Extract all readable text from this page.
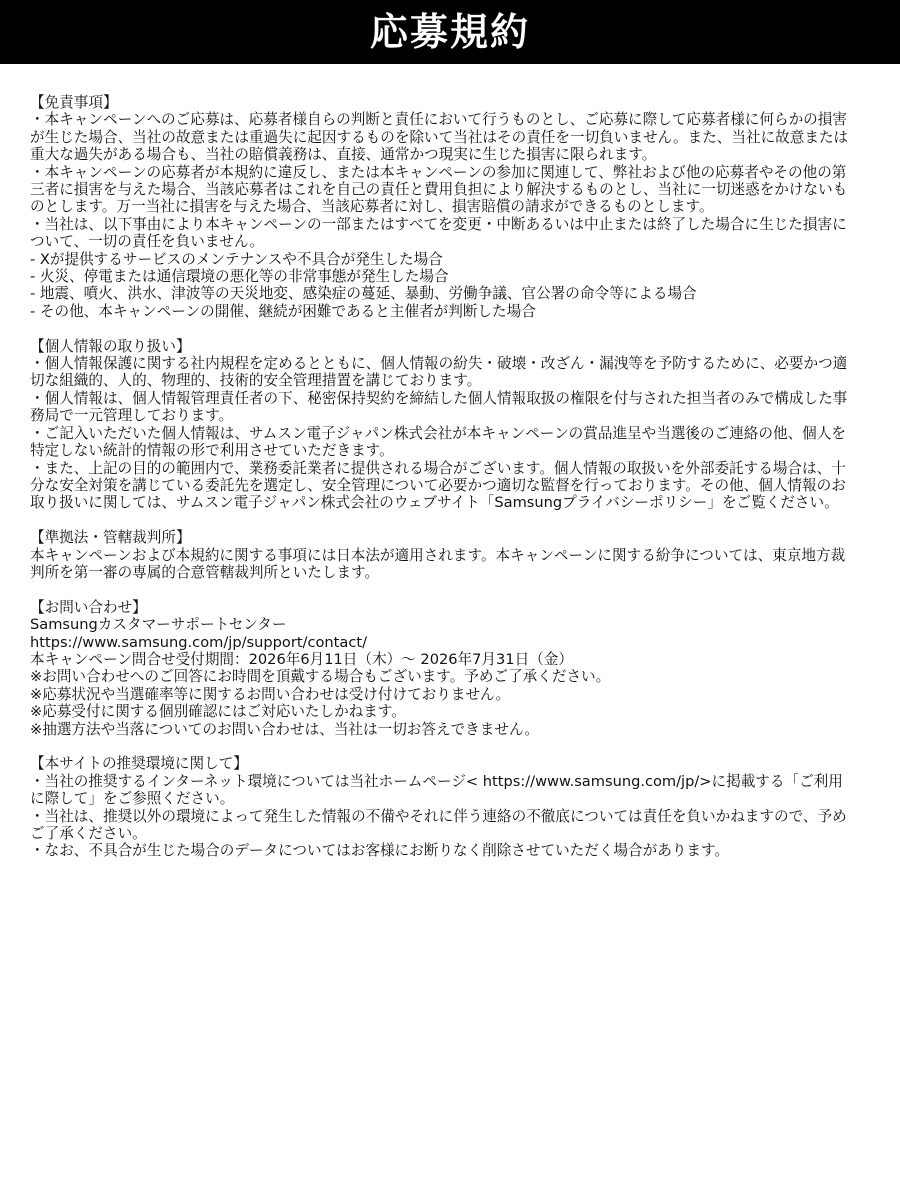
応募規約
【免責事項】
・本キャンペーンへのご応募は、応募者様自らの判断と責任において行うものとし、ご応募に際して応募者様に何らかの損害が生じた場合、当社の故意または重過失に起因するものを除いて当社はその責任を一切負いません。また、当社に故意または重大な過失がある場合も、当社の賠償義務は、直接、通常かつ現実に生じた損害に限られます。
・本キャンペーンの応募者が本規約に違反し、または本キャンペーンの参加に関連して、弊社および他の応募者やその他の第三者に損害を与えた場合、当該応募者はこれを自己の責任と費用負担により解決するものとし、当社に一切迷惑をかけないものとします。万一当社に損害を与えた場合、当該応募者に対し、損害賠償の請求ができるものとします。
・当社は、以下事由により本キャンペーンの一部またはすべてを変更・中断あるいは中止または終了した場合に生じた損害について、一切の責任を負いません。
- Xが提供するサービスのメンテナンスや不具合が発生した場合
- 火災、停電または通信環境の悪化等の非常事態が発生した場合
- 地震、噴火、洪水、津波等の天災地変、感染症の蔓延、暴動、労働争議、官公署の命令等による場合
- その他、本キャンペーンの開催、継続が困難であると主催者が判断した場合
【個人情報の取り扱い】
・個人情報保護に関する社内規程を定めるとともに、個人情報の紛失・破壊・改ざん・漏洩等を予防するために、必要かつ適切な組織的、人的、物理的、技術的安全管理措置を講じております。
・個人情報は、個人情報管理責任者の下、秘密保持契約を締結した個人情報取扱の権限を付与された担当者のみで構成した事務局で一元管理しております。
・ご記入いただいた個人情報は、サムスン電子ジャパン株式会社が本キャンペーンの賞品進呈や当選後のご連絡の他、個人を特定しない統計的情報の形で利用させていただきます。
・また、上記の目的の範囲内で、業務委託業者に提供される場合がございます。個人情報の取扱いを外部委託する場合は、十分な安全対策を講じている委託先を選定し、安全管理について必要かつ適切な監督を行っております。その他、個人情報のお取り扱いに関しては、サムスン電子ジャパン株式会社のウェブサイト「Samsungプライバシーポリシー」をご覧ください。
【準拠法・管轄裁判所】
本キャンペーンおよび本規約に関する事項には日本法が適用されます。本キャンペーンに関する紛争については、東京地方裁判所を第一審の専属的合意管轄裁判所といたします。
【お問い合わせ】
Samsungカスタマーサポートセンター
https://www.samsung.com/jp/support/contact/
本キャンペーン問合せ受付期間：2026年6月11日（木）～ 2026年7月31日（金）
※お問い合わせへのご回答にお時間を頂戴する場合もございます。予めご了承ください。
※応募状況や当選確率等に関するお問い合わせは受け付けておりません。
※応募受付に関する個別確認にはご対応いたしかねます。
※抽選方法や当落についてのお問い合わせは、当社は一切お答えできません。
【本サイトの推奨環境に関して】
・当社の推奨するインターネット環境については当社ホームページ< https://www.samsung.com/jp/>に掲載する「ご利用に際して」をご参照ください。
・当社は、推奨以外の環境によって発生した情報の不備やそれに伴う連絡の不徹底については責任を負いかねますので、予めご了承ください。
・なお、不具合が生じた場合のデータについてはお客様にお断りなく削除させていただく場合があります。
